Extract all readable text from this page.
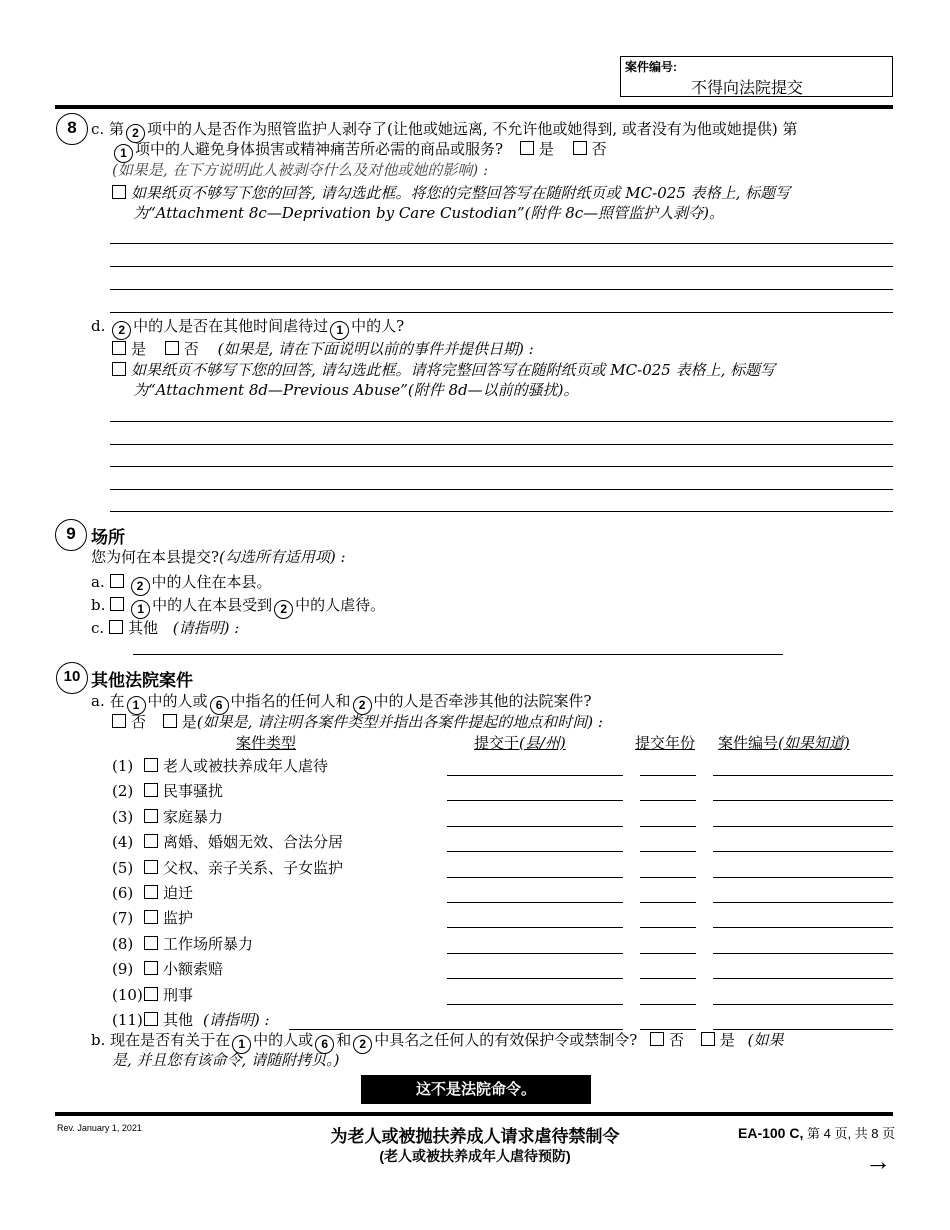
案件编号:
不得向法院提交
8 c. 第 2 项中的人是否作为照管监护人剥夺了(让他或她远离, 不允许他或她得到, 或者没有为他或她提供) 第
1 项中的人避免身体损害或精神痛苦所必需的商品或服务? 是	否
(如果是, 在下方说明此人被剥夺什么及对他或她的影响) :
如果纸页不够写下您的回答, 请勾选此框。将您的完整回答写在随附纸页或 MC-025 表格上, 标题写
为“Attachment 8c—Deprivation by Care Custodian”(附件 8c—照管监护人剥夺)。
d. 2 中的人是否在其他时间虐待过 1 中的人?
是	否 (如果是, 请在下面说明以前的事件并提供日期) :
如果纸页不够写下您的回答, 请勾选此框。请将完整回答写在随附纸页或 MC-025 表格上, 标题写
为“Attachment 8d—Previous Abuse”(附件 8d—以前的骚扰)。
9 场所
您为何在本县提交?(勾选所有适用项) :
a.	2 中的人住在本县。
b.	1 中的人在本县受到 2 中的人虐待。
c. 其他 (请指明) :
10 其他法院案件
a. 在 1 中的人或 6 中指名的任何人和 2 中的人是否牵涉其他的法院案件?
否 是(如果是, 请注明各案件类型并指出各案件提起的地点和时间) :
案件类型	提交于(县/州)	提交年份 案件编号(如果知道)
(1) 老人或被扶养成年人虐待
(2) 民事骚扰
(3) 家庭暴力
(4) 离婚、婚姻无效、合法分居
(5) 父权、亲子关系、子女监护
(6) 迫迁
(7) 监护
(8) 工作场所暴力
(9) 小额索赔
(10) 刑事
(11) 其他 (请指明) :
b. 现在是否有关于在 1 中的人或 6 和 2 中具名之任何人的有效保护令或禁制令? 否 是 (如果
是, 并且您有该命令, 请随附拷贝。)
这不是法院命令。
Rev. January 1, 2021	为老人或被抛扶养成人请求虐待禁制令
(老人或被扶养成年人虐待预防)
EA-100 C, 第 4 页, 共 8 页
→
